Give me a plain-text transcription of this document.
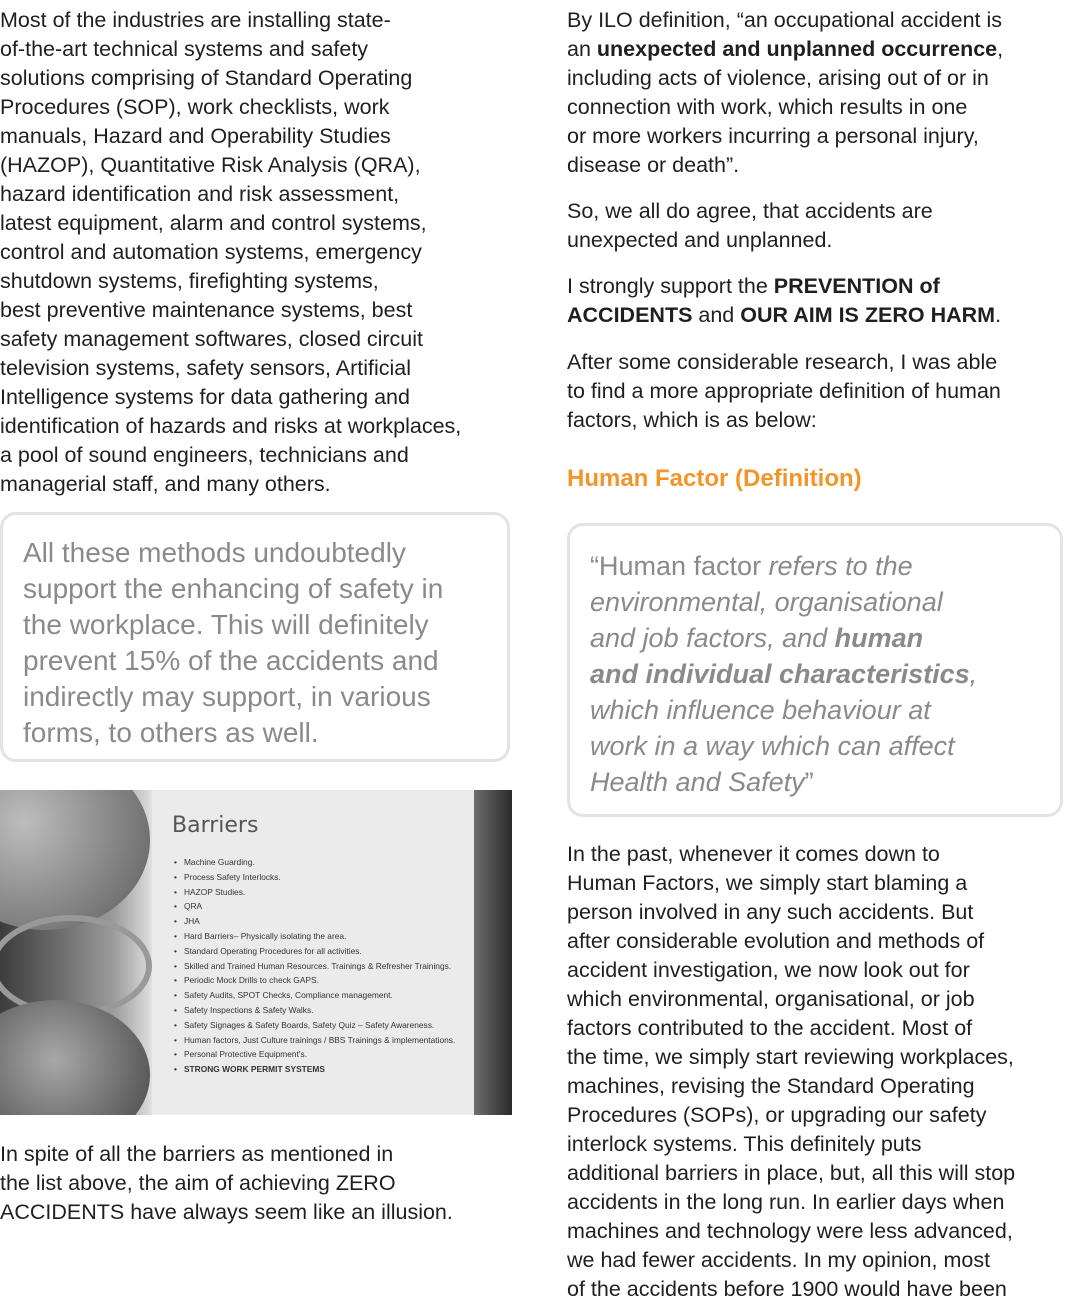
Most of the industries are installing state-
of-the-art technical systems and safety
solutions comprising of Standard Operating
Procedures (SOP), work checklists, work
manuals, Hazard and Operability Studies
(HAZOP), Quantitative Risk Analysis (QRA),
hazard identification and risk assessment,
latest equipment, alarm and control systems,
control and automation systems, emergency
shutdown systems, firefighting systems,
best preventive maintenance systems, best
safety management softwares, closed circuit
television systems, safety sensors, Artificial
Intelligence systems for data gathering and
identification of hazards and risks at workplaces,
a pool of sound engineers, technicians and
managerial staff, and many others.

All these methods undoubtedly
support the enhancing of safety in
the workplace. This will definitely
prevent 15% of the accidents and
indirectly may support, in various
forms, to others as well.
Barriers
• Machine Guarding.
• Process Safety Interlocks.
• HAZOP Studies.
• QRA
• JHA
• Hard Barriers– Physically isolating the area.
• Standard Operating Procedures for all activities.
• Skilled and Trained Human Resources. Trainings & Refresher Trainings.
• Periodic Mock Drills to check GAPS.
• Safety Audits, SPOT Checks, Compliance management.
• Safety Inspections & Safety Walks.
• Safety Signages & Safety Boards, Safety Quiz – Safety Awareness.
• Human factors, Just Culture trainings / BBS Trainings & implementations.
• Personal Protective Equipment's.
• STRONG WORK PERMIT SYSTEMS

In spite of all the barriers as mentioned in
the list above, the aim of achieving ZERO
ACCIDENTS have always seem like an illusion.

By ILO definition, “an occupational accident is
an unexpected and unplanned occurrence,
including acts of violence, arising out of or in
connection with work, which results in one
or more workers incurring a personal injury,
disease or death”.

So, we all do agree, that accidents are
unexpected and unplanned.

I strongly support the PREVENTION of
ACCIDENTS and OUR AIM IS ZERO HARM.

After some considerable research, I was able
to find a more appropriate definition of human
factors, which is as below:

Human Factor (Definition)
“Human factor refers to the
environmental, organisational
and job factors, and human
and individual characteristics,
which influence behaviour at
work in a way which can affect
Health and Safety”

In the past, whenever it comes down to
Human Factors, we simply start blaming a
person involved in any such accidents. But
after considerable evolution and methods of
accident investigation, we now look out for
which environmental, organisational, or job
factors contributed to the accident. Most of
the time, we simply start reviewing workplaces,
machines, revising the Standard Operating
Procedures (SOPs), or upgrading our safety
interlock systems. This definitely puts
additional barriers in place, but, all this will stop
accidents in the long run. In earlier days when
machines and technology were less advanced,
we had fewer accidents. In my opinion, most
of the accidents before 1900 would have been
